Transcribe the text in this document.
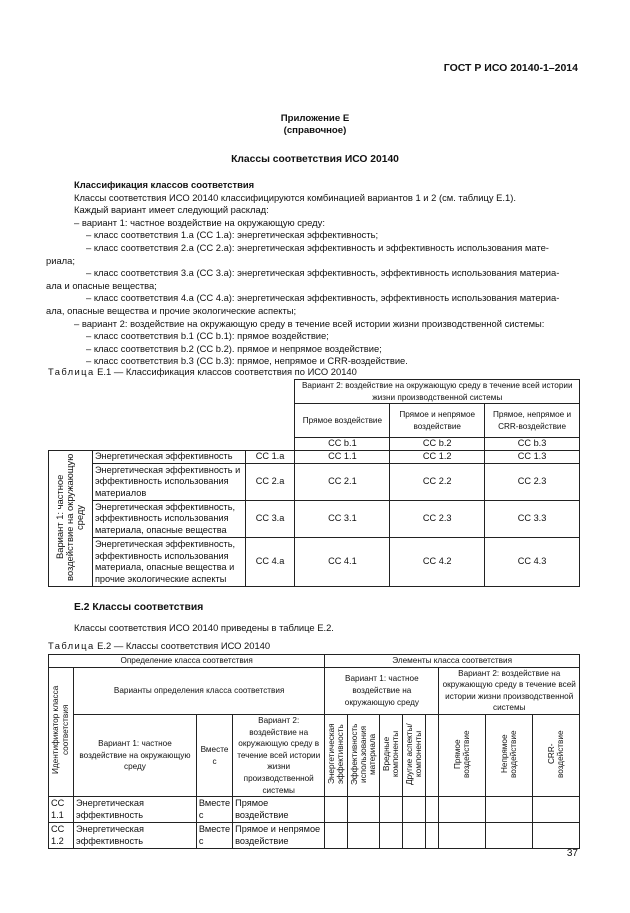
ГОСТ Р ИСО 20140-1–2014
Приложение Е
(справочное)
Классы соответствия ИСО 20140
Классификация классов соответствия
Классы соответствия ИСО 20140 классифицируются комбинацией вариантов 1 и 2 (см. таблицу Е.1).
Каждый вариант имеет следующий расклад:
– вариант 1: частное воздействие на окружающую среду:
– класс соответствия 1.а (СС 1.а): энергетическая эффективность;
– класс соответствия 2.а (СС 2.а): энергетическая эффективность и эффективность использования мате-
риала;
– класс соответствия 3.а (СС 3.а): энергетическая эффективность, эффективность использования материа-
ала и опасные вещества;
– класс соответствия 4.а (СС 4.а): энергетическая эффективность, эффективность использования материа-
ала, опасные вещества и прочие экологические аспекты;
– вариант 2: воздействие на окружающую среду в течение всей истории жизни производственной системы:
– класс соответствия b.1 (СС b.1): прямое воздействие;
– класс соответствия b.2 (СС b.2). прямое и непрямое воздействие;
– класс соответствия b.3 (СС b.3): прямое, непрямое и CRR-воздействие.
Таблица Е.1 — Классификация классов соответствия по ИСО 20140
			Вариант 2: воздействие на окружающую среду в течение всей истории жизни производственной системы		
			Прямое воздействие	Прямое и непрямое воздействие	Прямое, непрямое и CRR-воздействие
			CC b.1	CC b.2	CC b.3
Вариант 1: частное воздействие на окружающую среду	Энергетическая эффективность	CC 1.a	CC 1.1	CC 1.2	CC 1.3
	Энергетическая эффективность и эффективность использования материалов	CC 2.a	CC 2.1	CC 2.2	CC 2.3
	Энергетическая эффективность, эффективность использования материала, опасные вещества	CC 3.a	CC 3.1	CC 2.3	CC 3.3
	Энергетическая эффективность, эффективность использования материала, опасные вещества и прочие экологические аспекты	CC 4.a	CC 4.1	CC 4.2	CC 4.3
Е.2 Классы соответствия
Классы соответствия ИСО 20140 приведены в таблице Е.2.
Таблица Е.2 — Классы соответствия ИСО 20140
Определение класса соответствия				Элементы класса соответствия							
Идентификатор класса соответствия	Варианты определения класса соответствия			Вариант 1: частное воздействие на окружающую среду					Вариант 2: воздействие на окружающую среду в течение всей истории жизни производственной системы		
	Вариант 1: частное воздействие на окружающую среду	Вместе с	Вариант 2: воздействие на окружающую среду в течение всей истории жизни производственной системы	Энергетическая эффективность	Эффективность использования материала	Вредные компоненты	Другие аспекты/компоненты		Прямое воздействие	Непрямое воздействие	CRR-воздействие
CC 1.1	Энергетическая эффективность	Вместе с	Прямое воздействие								
CC 1.2	Энергетическая эффективность	Вместе с	Прямое и непрямое воздействие								
37
